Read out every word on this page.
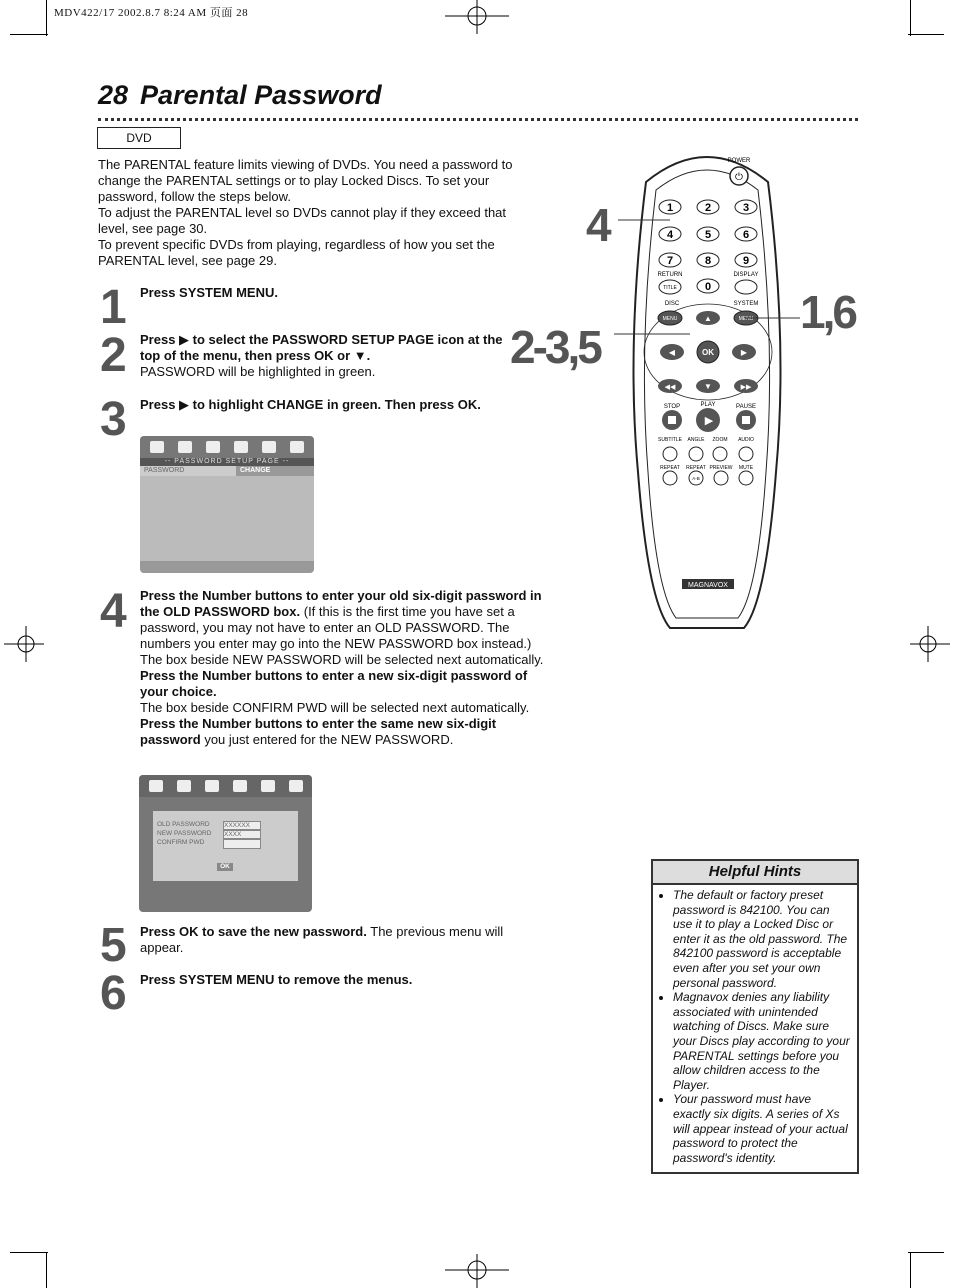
MDV422/17 2002.8.7 8:24 AM 页面 28
28 Parental Password
DVD
The PARENTAL feature limits viewing of DVDs. You need a password to change the PARENTAL settings or to play Locked Discs. To set your password, follow the steps below.
To adjust the PARENTAL level so DVDs cannot play if they exceed that level, see page 30.
To prevent specific DVDs from playing, regardless of how you set the PARENTAL level, see page 29.
1 Press SYSTEM MENU.
2 Press ▶ to select the PASSWORD SETUP PAGE icon at the top of the menu, then press OK or ▼.
PASSWORD will be highlighted in green.
3 Press ▶ to highlight CHANGE in green. Then press OK.
-- PASSWORD SETUP PAGE --
PASSWORD	CHANGE
4 Press the Number buttons to enter your old six-digit password in the OLD PASSWORD box. (If this is the first time you have set a password, you may not have to enter an OLD PASSWORD. The numbers you enter may go into the NEW PASSWORD box instead.)
The box beside NEW PASSWORD will be selected next automatically. Press the Number buttons to enter a new six-digit password of your choice.
The box beside CONFIRM PWD will be selected next automatically. Press the Number buttons to enter the same new six-digit password you just entered for the NEW PASSWORD.
OLD PASSWORD	XXXXXX
NEW PASSWORD	XXXX
CONFIRM PWD
OK
5 Press OK to save the new password. The previous menu will appear.
6 Press SYSTEM MENU to remove the menus.
POWER
⏻
1	2	3
4	5	6
7	8	9
0
RETURN	DISPLAY
TITLE
DISC	SYSTEM
MENU	MENU
▲
◀	▶
OK
▼
◀◀	▶▶
STOP	PLAY	PAUSE
▶
SUBTITLE ANGLE ZOOM AUDIO
REPEAT REPEAT PREVIEW MUTE
A-B
MAGNAVOX
4
1,6
2-3,5
Helpful Hints
• The default or factory preset password is 842100. You can use it to play a Locked Disc or enter it as the old password. The 842100 password is acceptable even after you set your own personal password.
• Magnavox denies any liability associated with unintended watching of Discs. Make sure your Discs play according to your PARENTAL settings before you allow children access to the Player.
• Your password must have exactly six digits. A series of Xs will appear instead of your actual password to protect the password's identity.
